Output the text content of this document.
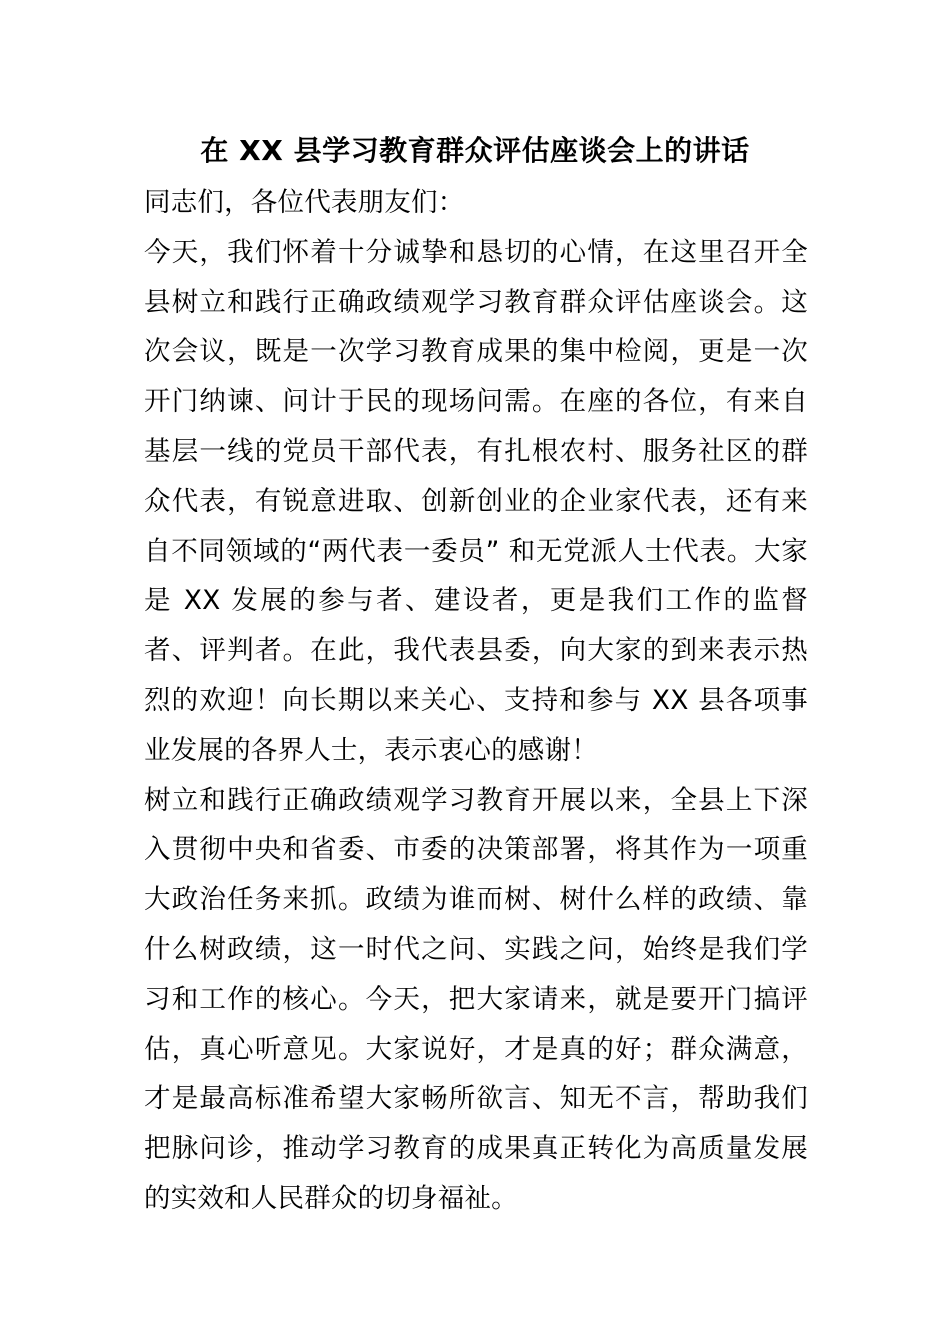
在 XX 县学习教育群众评估座谈会上的讲话

同志们，各位代表朋友们：

今天，我们怀着十分诚挚和恳切的心情，在这里召开全县树立和践行正确政绩观学习教育群众评估座谈会。这次会议，既是一次学习教育成果的集中检阅，更是一次开门纳谏、问计于民的现场问需。在座的各位，有来自基层一线的党员干部代表，有扎根农村、服务社区的群众代表，有锐意进取、创新创业的企业家代表，还有来自不同领域的“两代表一委员” 和无党派人士代表。大家是 XX 发展的参与者、建设者，更是我们工作的监督者、评判者。在此，我代表县委，向大家的到来表示热烈的欢迎！向长期以来关心、支持和参与 XX 县各项事业发展的各界人士，表示衷心的感谢！

树立和践行正确政绩观学习教育开展以来，全县上下深入贯彻中央和省委、市委的决策部署，将其作为一项重大政治任务来抓。政绩为谁而树、树什么样的政绩、靠什么树政绩，这一时代之问、实践之问，始终是我们学习和工作的核心。今天，把大家请来，就是要开门搞评估，真心听意见。大家说好，才是真的好；群众满意，才是最高标准希望大家畅所欲言、知无不言，帮助我们把脉问诊，推动学习教育的成果真正转化为高质量发展的实效和人民群众的切身福祉。
